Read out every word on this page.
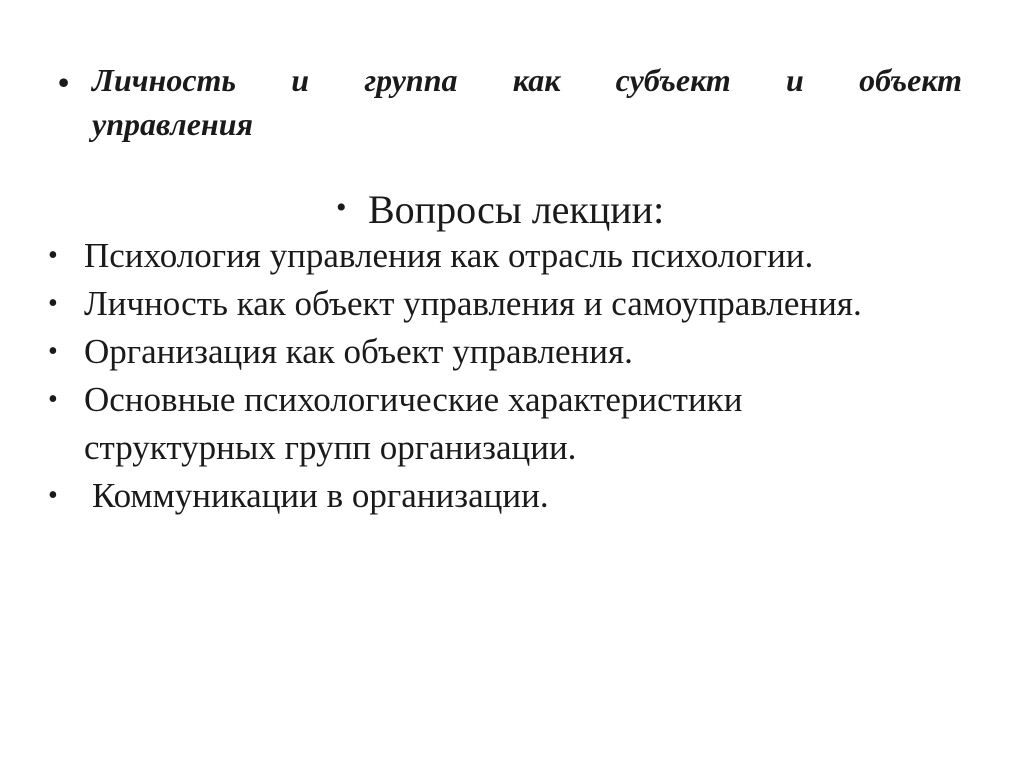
• Личность и группа как субъект и объект
управления
• Вопросы лекции:
• Психология управления как отрасль психологии.
• Личность как объект управления и самоуправления.
• Организация как объект управления.
• Основные психологические характеристики структурных групп организации.
• Коммуникации в организации.
